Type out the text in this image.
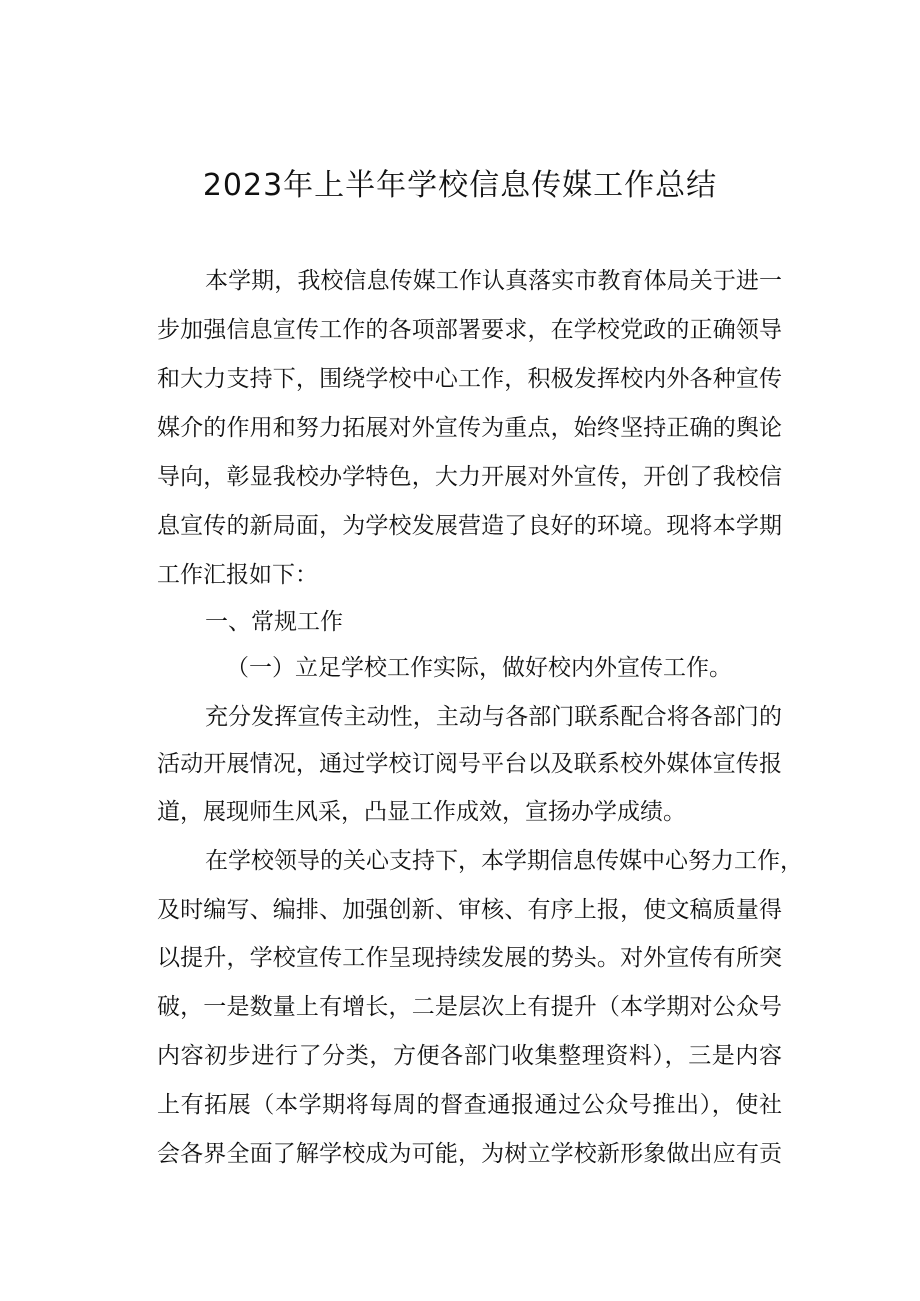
2023年上半年学校信息传媒工作总结
本学期，我校信息传媒工作认真落实市教育体局关于进一
步加强信息宣传工作的各项部署要求，在学校党政的正确领导
和大力支持下，围绕学校中心工作，积极发挥校内外各种宣传
媒介的作用和努力拓展对外宣传为重点，始终坚持正确的舆论
导向，彰显我校办学特色，大力开展对外宣传，开创了我校信
息宣传的新局面，为学校发展营造了良好的环境。现将本学期
工作汇报如下：
一、常规工作
（一）立足学校工作实际，做好校内外宣传工作。
充分发挥宣传主动性，主动与各部门联系配合将各部门的
活动开展情况，通过学校订阅号平台以及联系校外媒体宣传报
道，展现师生风采，凸显工作成效，宣扬办学成绩。
在学校领导的关心支持下，本学期信息传媒中心努力工作，
及时编写、编排、加强创新、审核、有序上报，使文稿质量得
以提升，学校宣传工作呈现持续发展的势头。对外宣传有所突
破，一是数量上有增长，二是层次上有提升（本学期对公众号
内容初步进行了分类，方便各部门收集整理资料），三是内容
上有拓展（本学期将每周的督查通报通过公众号推出），使社
会各界全面了解学校成为可能，为树立学校新形象做出应有贡
